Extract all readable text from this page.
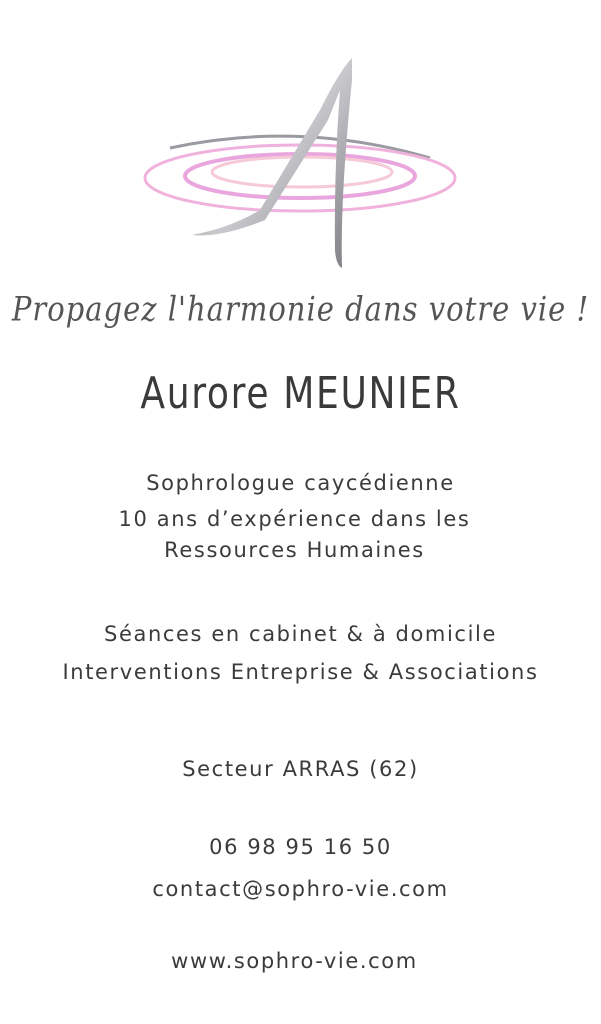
Propagez l'harmonie dans votre vie !
Aurore MEUNIER
Sophrologue caycédienne
10 ans d’expérience dans les
Ressources Humaines
Séances en cabinet & à domicile
Interventions Entreprise & Associations
Secteur ARRAS (62)
06 98 95 16 50
contact@sophro-vie.com
www.sophro-vie.com
